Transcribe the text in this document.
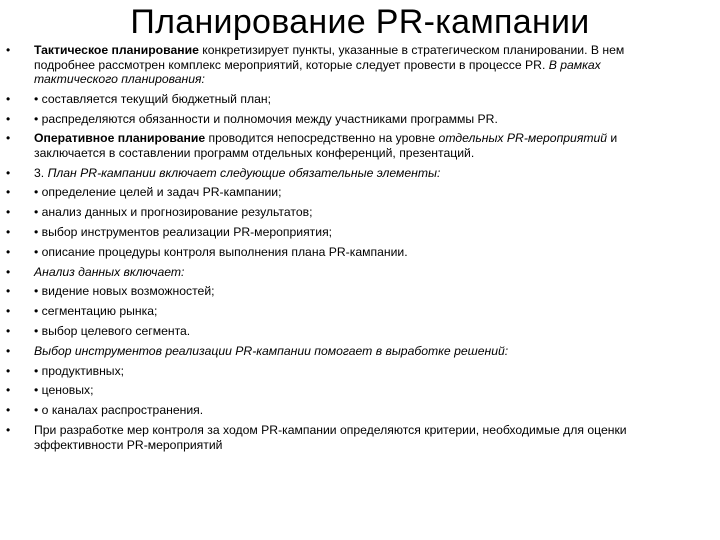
Планирование PR-кампании
• Тактическое планирование конкретизирует пункты, указанные в стратегическом планировании. В нем подробнее рассмотрен комплекс мероприятий, которые следует провести в процессе PR. В рамках тактического планирования:
• • составляется текущий бюджетный план;
• • распределяются обязанности и полномочия между участниками программы PR.
• Оперативное планирование проводится непосредственно на уровне отдельных PR-мероприятий и заключается в составлении программ отдельных конференций, презентаций.
• 3. План PR-кампании включает следующие обязательные элементы:
• • определение целей и задач PR-кампании;
• • анализ данных и прогнозирование результатов;
• • выбор инструментов реализации PR-мероприятия;
• • описание процедуры контроля выполнения плана PR-кампании.
• Анализ данных включает:
• • видение новых возможностей;
• • сегментацию рынка;
• • выбор целевого сегмента.
• Выбор инструментов реализации PR-кампании помогает в выработке решений:
• • продуктивных;
• • ценовых;
• • о каналах распространения.
• При разработке мер контроля за ходом PR-кампании определяются критерии, необходимые для оценки эффективности PR-мероприятий
